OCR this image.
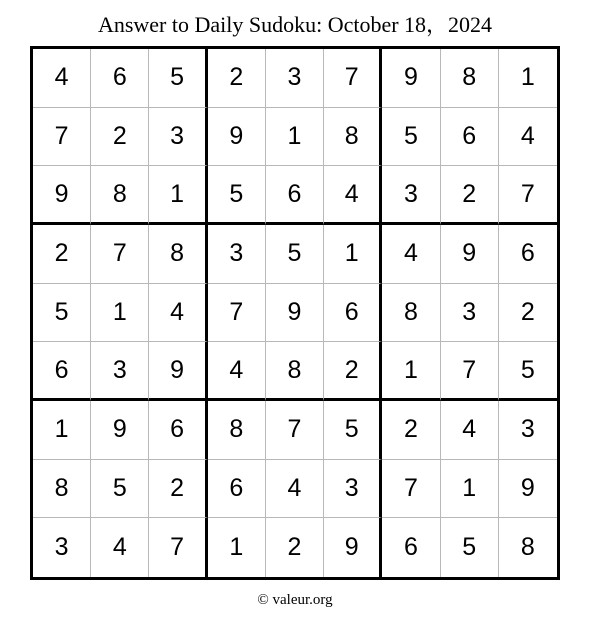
Answer to Daily Sudoku: October 18，2024
4	6	5	2	3	7	9	8	1
7	2	3	9	1	8	5	6	4
9	8	1	5	6	4	3	2	7
2	7	8	3	5	1	4	9	6
5	1	4	7	9	6	8	3	2
6	3	9	4	8	2	1	7	5
1	9	6	8	7	5	2	4	3
8	5	2	6	4	3	7	1	9
3	4	7	1	2	9	6	5	8
© valeur.org
